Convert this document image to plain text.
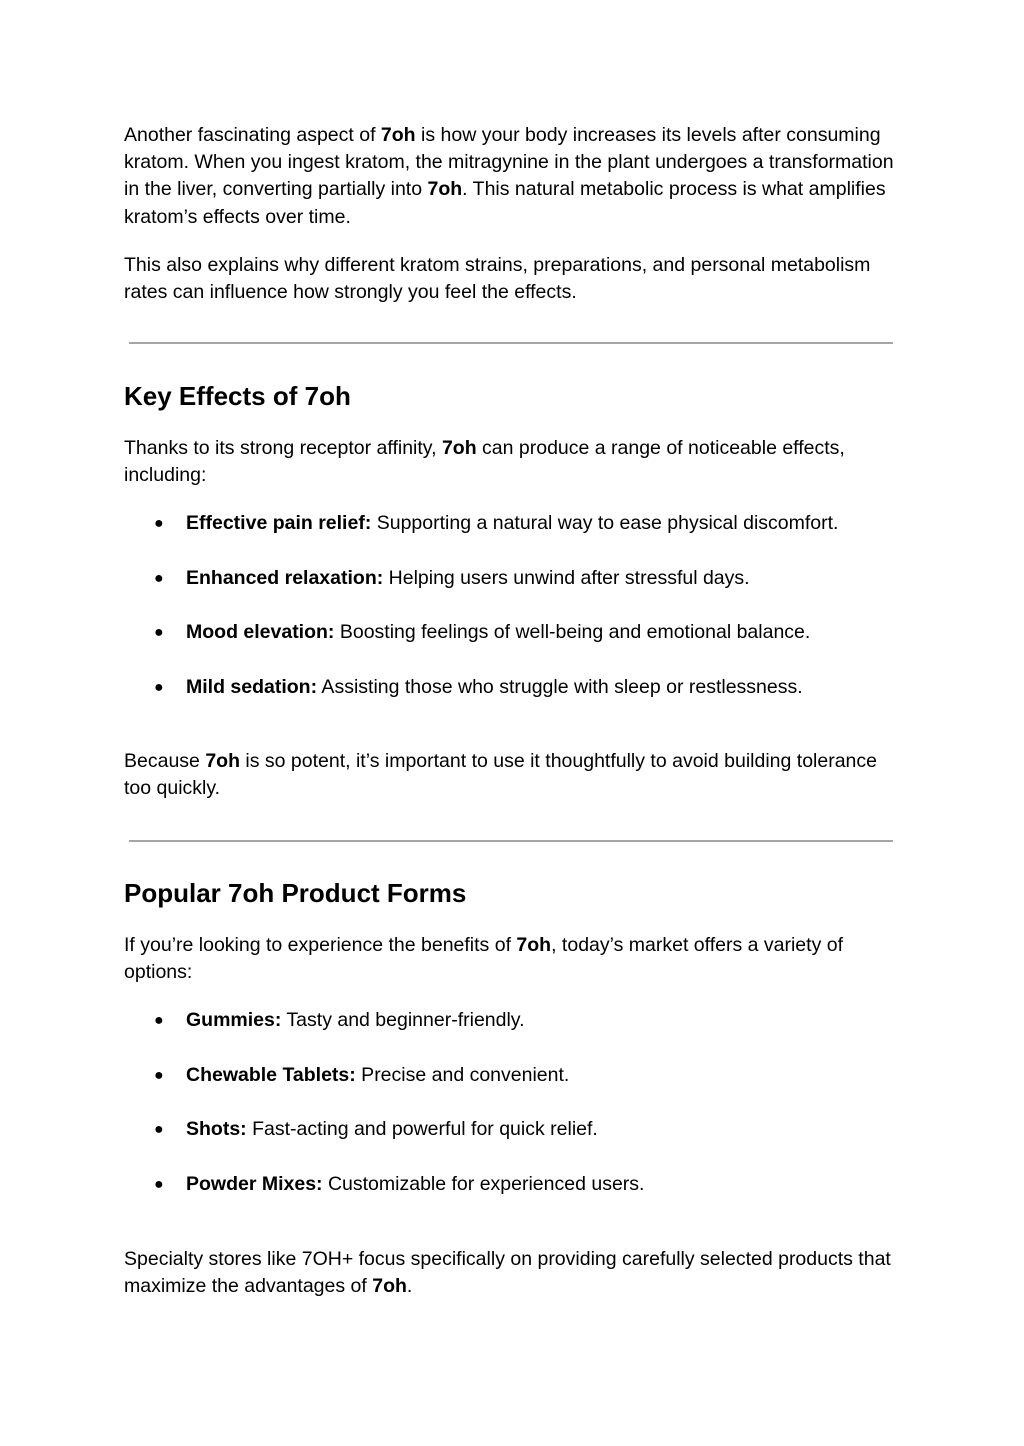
Another fascinating aspect of 7oh is how your body increases its levels after consuming kratom. When you ingest kratom, the mitragynine in the plant undergoes a transformation in the liver, converting partially into 7oh. This natural metabolic process is what amplifies kratom’s effects over time.

This also explains why different kratom strains, preparations, and personal metabolism rates can influence how strongly you feel the effects.

Key Effects of 7oh

Thanks to its strong receptor affinity, 7oh can produce a range of noticeable effects, including:

● Effective pain relief: Supporting a natural way to ease physical discomfort.
● Enhanced relaxation: Helping users unwind after stressful days.
● Mood elevation: Boosting feelings of well-being and emotional balance.
● Mild sedation: Assisting those who struggle with sleep or restlessness.

Because 7oh is so potent, it’s important to use it thoughtfully to avoid building tolerance too quickly.

Popular 7oh Product Forms

If you’re looking to experience the benefits of 7oh, today’s market offers a variety of options:

● Gummies: Tasty and beginner-friendly.
● Chewable Tablets: Precise and convenient.
● Shots: Fast-acting and powerful for quick relief.
● Powder Mixes: Customizable for experienced users.

Specialty stores like 7OH+ focus specifically on providing carefully selected products that maximize the advantages of 7oh.
